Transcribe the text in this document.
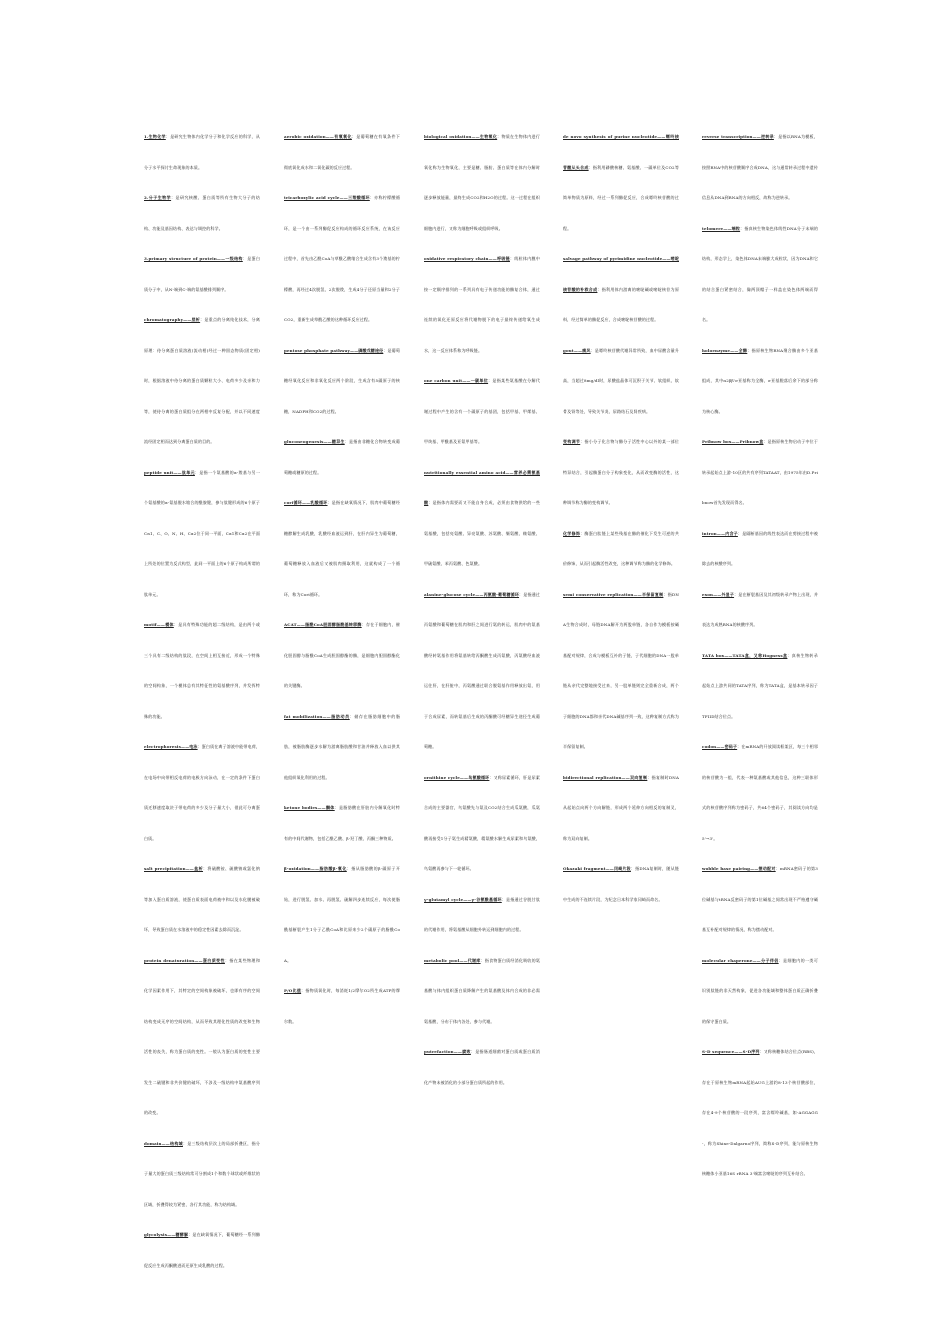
1.生物化学：是研究生物体内化学分子和化学反应的科学，从分子水平探讨生命现象的本质。

2.分子生物学：是研究核酸、蛋白质等所有生物大分子的结构、功能及基因结构、表达与调控的科学。

3.primary structure of protein——一级结构：是蛋白质分子中，从N-端到C-端的氨基酸排列顺序。

chromatography——层析：是重点的分离纯化技术，分离原理：待分离蛋白质溶液(流动相)经过一种固态物质(固定相)时，根据溶液中待分离的蛋白质颗粒大小、电荷多少及亲和力等，使待分离的蛋白质组分在两相中反复分配，并以不同速度流经固定相而达到分离蛋白质的目的。

peptide unit——肽单元：是指一个氨基酸的α-羧基与另一个氨基酸的α-氨基脱水缩合的酰胺键，参与肽键形成的6个原子Cα1、C、O、N、H、Cα2位于同一平面，Cα1和Cα2在平面上所处的位置为反式构型，此同一平面上的6个原子构成所谓的肽单元。

motif——模体：是具有特殊功能的超二级结构，是由两个或三个具有二级结构的肽段，在空间上相互接近，形成一个特殊的空间构象，一个模体总有其特征性的氨基酸序列，并发挥特殊的功能。

electrophoresis——电泳：蛋白质在离子溶液中能带电荷，在电场中向带相反电荷的电极方向泳动，在一定的条件下蛋白质迁移速度取决于带电荷的多少及分子量大小，借此可分离蛋白质。

salt precipitation——盐析：将硫酸铵、硫酸钠或氯化钠等加入蛋白质溶液，使蛋白质表面电荷被中和以及水化膜被破坏，导致蛋白质在水溶液中的稳定性因素去除而沉淀。

protein denaturation——蛋白质变性：指在某些物理和化学因素作用下，其特定的空间构象被破坏，也即有序的空间结构变成无序的空间结构，从而导致其理化性质的改变和生物活性的丧失，称为蛋白质的变性。一般认为蛋白质的变性主要发生二硫键和非共价键的破坏，不涉及一级结构中氨基酸序列的改变。

domain——结构域：是三级结构层次上的局部折叠区，指分子量大的蛋白质三级结构常可分割成1个和数个球状或纤维状的区域，折叠得较为紧密，各行其功能，称为结构域。

glycolysis——糖酵解：是在缺氧情况下，葡萄糖经一系列酶促反应生成丙酮酸进而还原生成乳酸的过程。

aerobic oxidation——有氧氧化：是葡萄糖在有氧条件下彻底氧化成水和二氧化碳的反应过程。

tricarboxylic acid cycle——三羧酸循环：亦称柠檬酸循环，是一个由一系列酶促反应构成的循环反应系统，在该反应过程中，首先由乙酰CoA与草酰乙酸缩合生成含有3个羧基的柠檬酸，再经过4次脱氢、2次脱羧，生成4分子还原当量和2分子CO2，重新生成草酰乙酸的这种循环反应过程。

pentose phosphate pathway——磷酸戊糖途径：是葡萄糖经氧化反应和非氧化反应两个阶段，生成含有5碳原子的核糖，NADPH和CO2的过程。

gluconeogenesis——糖异生：是指由非糖化合物转变成葡萄糖或糖原的过程。

cori循环——乳酸循环：是指在缺氧情况下，肌肉中葡萄糖经糖酵解生成乳酸，乳酸经血液运到肝，在肝内异生为葡萄糖，葡萄糖释放入血液后又被肌肉摄取利用，这就构成了一个循环，称为Cori循环。

ACAT——脂酰CoA胆固醇脂酰基转移酶：存在于细胞内，催化胆固醇与脂酰CoA生成胆固醇酯的酶，是细胞内胆固醇酯化的关键酶。

fat mobilization——脂肪动员：储存在脂肪细胞中的脂肪，被脂肪酶逐步水解为游离脂肪酸和甘油并释放入血以供其他组织氧化利用的过程。

ketone bodies——酮体：是脂肪酸在肝脏内分解氧化时特有的中间代谢物，包括乙酰乙酸、β-羟丁酸、丙酮三种物质。

β-oxidation——脂肪酸β-氧化：指从脂肪酸的β-碳原子开始，进行脱氢、加水、再脱氢、硫解四步连续反应，每次使脂酰基断裂产生1分子乙酰CoA和比原来少2个碳原子的脂酰CoA。

P/O比值：指物质氧化时，每消耗1/2摩尔O2所生成ATP的摩尔数。

biological oxidation——生物氧化：物质在生物体内进行氧化称为生物氧化，主要是糖、脂肪、蛋白质等在体内分解时逐步释放能量，最终生成CO2和H2O的过程。这一过程在组织细胞内进行，又称为细胞呼吸或组织呼吸。

oxidative respiratory chain——呼吸链：线粒体内膜中按一定顺序排列的一系列具有电子传递功能的酶复合体，通过连续的氧化还原反应将代谢物脱下的电子最终传递给氧生成水，这一反应体系称为呼吸链。

one carbon unit——一碳单位：是指某些氨基酸在分解代谢过程中产生的含有一个碳原子的基团，包括甲基、甲烯基、甲炔基、甲酰基及亚氨甲基等。

nutritionally essential amino acid——营养必需氨基酸：是指体内需要而又不能自身合成，必须由食物供给的一些氨基酸，包括亮氨酸、异亮氨酸、苏氨酸、缬氨酸、赖氨酸、甲硫氨酸、苯丙氨酸、色氨酸。

alanine-glucose cycle——丙氨酸-葡萄糖循环：是指通过丙氨酸和葡萄糖在肌肉和肝之间进行氨的转运，肌肉中的氨基酸经转氨基作用将氨基转给丙酮酸生成丙氨酸，丙氨酸经血液运往肝，在肝脏中，丙氨酸通过联合脱氨基作用释放出氨，用于合成尿素，而转氨基后生成的丙酮酸可经糖异生途径生成葡萄糖。

ornithine cycle——鸟氨酸循环：又称尿素循环，肝是尿素合成的主要器官，鸟氨酸先与氨及CO2结合生成瓜氨酸，瓜氨酸再接受1分子氨生成精氨酸，精氨酸水解生成尿素和鸟氨酸，鸟氨酸再参与下一轮循环。

γ-glutamyl cycle——γ-谷氨酰基循环：是指通过谷胱甘肽的代谢作用，将氨基酸从细胞外转运到细胞内的过程。

metabolic pool——代谢库：指食物蛋白质经消化吸收的氨基酸与体内组织蛋白质降解产生的氨基酸及体内合成的非必需氨基酸，分布于体内各处，参与代谢。

putrefaction——腐败：是指肠道细菌对蛋白质或蛋白质消化产物未被消化的小部分蛋白质所起的作用。

de novo synthesis of purine nucleotide——嘌呤核苷酸从头合成：指利用磷酸核糖、氨基酸、一碳单位及CO2等简单物质为原料，经过一系列酶促反应，合成嘌呤核苷酸的过程。

salvage pathway of pyrimidine nucleotide——嘧啶核苷酸的补救合成：指利用体内游离的嘧啶碱或嘧啶核苷为原料，经过简单的酶促反应，合成嘧啶核苷酸的过程。

gout——痛风：是嘌呤核苷酸代谢异常所致，血中尿酸含量升高，当超过8mg/dl时，尿酸盐晶体可沉积于关节、软组织、软骨及肾等处，导致关节炎、尿路结石及肾疾病。

变构调节：指小分子化合物与酶分子活性中心以外的某一部位特异结合，引起酶蛋白分子构象变化，从而改变酶的活性，这种调节称为酶的变构调节。

化学修饰：酶蛋白肽链上某些残基在酶的催化下发生可逆的共价修饰，从而引起酶活性改变，这种调节称为酶的化学修饰。

semi conservative replication——半保留复制：指DNA生物合成时，母链DNA解开为两股单链，各自作为模板按碱基配对规律，合成与模板互补的子链，子代细胞的DNA一股单链从亲代完整地接受过来，另一股单链则完全重新合成，两个子细胞的DNA都和亲代DNA碱基序列一致，这种复制方式称为半保留复制。

bidirectional replication——双向复制：指复制时DNA从起始点向两个方向解链，形成两个延伸方向相反的复制叉，称为双向复制。

Okazaki fragment——冈崎片段：指DNA复制时，随从链中生成的不连续片段，为纪念日本科学家冈崎而命名。

reverse transcription——逆转录：是指以RNA为模板，按照RNA中的核苷酸顺序合成DNA，这与通常转录过程中遗传信息从DNA到RNA的方向相反，故称为逆转录。

telomere——端粒：指真核生物染色体线性DNA分子末端的结构，形态学上，染色体DNA末端膨大成粒状，因为DNA和它的结合蛋白紧密结合，像两顶帽子一样盖在染色体两端而得名。

holoenzyme——全酶：指原核生物RNA聚合酶由多个亚基组成，其中α2ββ'σ亚基称为全酶，σ亚基脱落后余下的部分称为核心酶。

Pribnow box——Pribnow盒：是指原核生物启动子中位于转录起始点上游-10区的共有序列TATAAT，由1975年由D.Pribnow首先发现而得名。

intron——内含子：是隔断基因的线性表达而在剪接过程中被除去的核酸序列。

exon——外显子：是在断裂基因及其初级转录产物上出现，并表达为成熟RNA的核酸序列。

TATA box——TATA盒，又称Hogness盒：真核生物转录起始点上游共同的TATA序列，称为TATA盒，是基本转录因子TFIID结合位点。

codon——密码子：在mRNA的开放阅读框架区，每三个相邻的核苷酸为一组，代表一种氨基酸或其他信息，这种三联体形式的核苷酸序列称为密码子，共64个密码子，其阅读方向均是5'→3'。

wobble base pairing——摆动配对：mRNA密码子的第3位碱基与tRNA反密码子的第1位碱基之间常出现不严格遵守碱基互补配对规律的情况，称为摆动配对。

molecular chaperone——分子伴侣：是细胞内的一类可识别肽链的非天然构象，促进各功能域和整体蛋白质正确折叠的保守蛋白质。

S-D sequence——S-D序列：又称核糖体结合位点(RBS)，存在于原核生物mRNA起始AUG上游约8-13个核苷酸部位，存在4-9个核苷酸的一段序列，富含嘌呤碱基，如-AGGAGG-，称为Shine-Dalgarno序列，简称S-D序列，能与原核生物核糖体小亚基16S rRNA 3'端富含嘧啶的序列互补结合。
